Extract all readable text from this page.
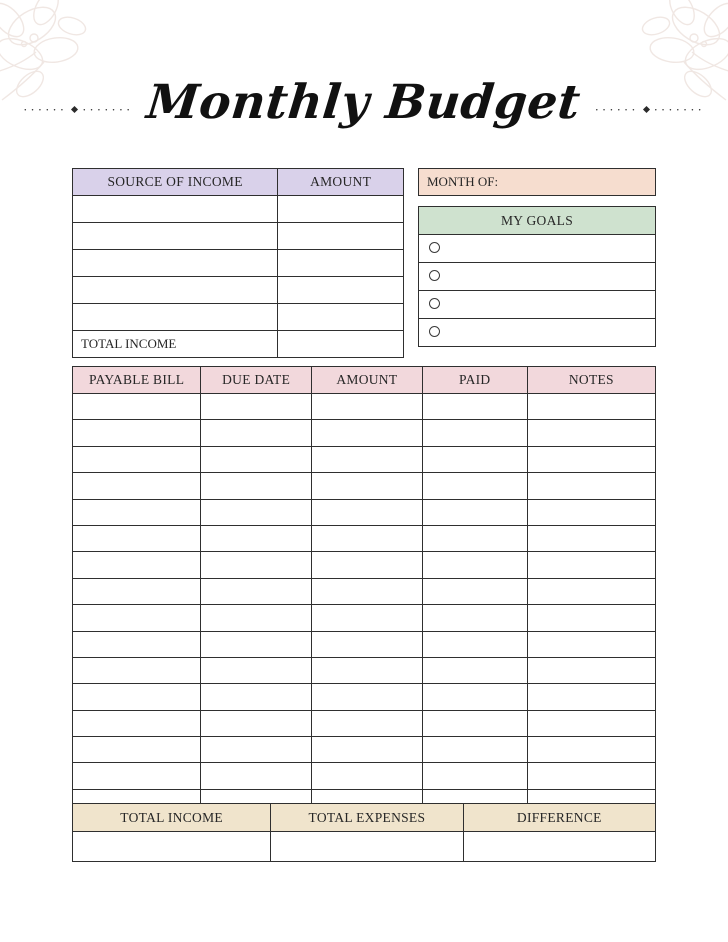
······ ······· Monthly Budget ······ ·······
SOURCE OF INCOME	AMOUNT

TOTAL INCOME	
MONTH OF:
MY GOALS

PAYABLE BILL	DUE DATE	AMOUNT	PAID	NOTES

TOTAL INCOME	TOTAL EXPENSES	DIFFERENCE
